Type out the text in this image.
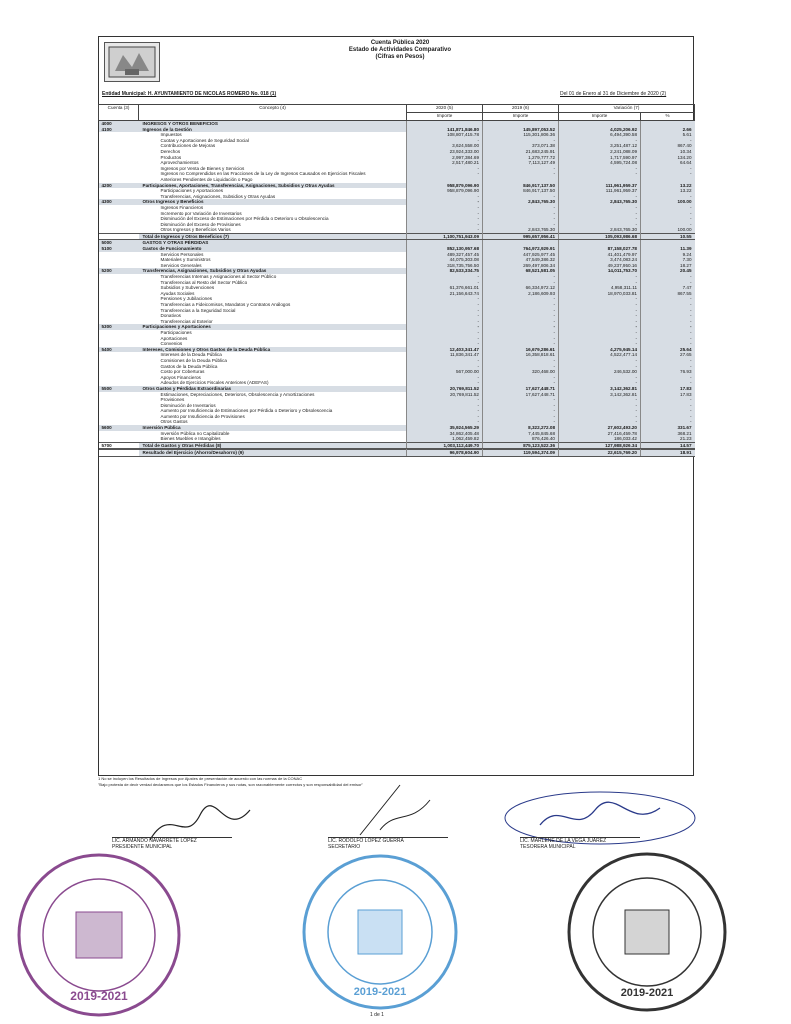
Cuenta Pública 2020
Estado de Actividades Comparativo
(Cifras en Pesos)
Entidad Municipal: H. AYUNTAMIENTO DE NICOLAS ROMERO No. 018 (1)	Del 01 de Enero al 31 de Diciembre de 2020 (2)
Cuenta (3)	Concepto (4)	2020 (5)	2019 (6)	Variación (7)	
		Importe	Importe	Importe	%
4000	INGRESOS Y OTROS BENEFICIOS				
4100	Ingresos de la Gestión	141,871,846.80	145,897,053.52	4,025,206.92	2.66
	Impuestos	108,807,415.78	115,301,806.36	6,494,390.58	5.61
	Cuotas y Aportaciones de Seguridad Social	-	-	-	-
	Contribuciones de Mejoras	3,624,558.00	373,071.38	3,251,487.12	867.40
	Derechos	23,924,333.00	21,683,245.91	2,241,088.09	10.34
	Productos	2,997,384.69	1,279,777.72	1,717,590.97	134.20
	Aprovechamientos	2,517,480.21	7,113,127.49	4,595,724.08	64.64
	Ingresos por Venta de Bienes y Servicios	-	-	-	-
	Ingresos no Comprendidos en las Fracciones de la Ley de Ingresos Causados en Ejercicios Fiscales	-	-	-	-
	Anteriores Pendientes de Liquidación o Pago				

4200	Participaciones, Aportaciones, Transferencias, Asignaciones, Subsidios y Otras Ayudas	958,879,096.90	846,917,137.50	111,961,959.37	13.22

	Participaciones y Aportaciones	958,879,096.90	846,917,137.50	111,961,959.37	13.22

	Transferencias, Asignaciones, Subsidios y Otras Ayudas	-	-	-	-

4300	Otros Ingresos y Beneficios	-	2,843,765.30	2,843,765.30	100.00

	Ingresos Financieros	-	-	-	-
	Incremento por Variación de Inventarios	-	-	-	-
	Disminución del Exceso de Estimaciones por Pérdida o Deterioro u Obsolescencia	-	-	-	-
	Disminución del Exceso de Provisiones	-	-	-	-
	Otros Ingresos y Beneficios Varios	-	2,843,765.30	2,843,765.30	100.00

	Total de Ingresos y Otros Beneficios (7)	1,100,751,943.09	995,657,956.41	105,093,986.68	10.55

5000	GASTOS Y OTRAS PÉRDIDAS				
5100	Gastos de Funcionamiento	852,130,957.68	764,972,929.91	87,158,027.78	11.39
	Servicios Personales	489,327,457.45	447,925,977.45	41,401,479.97	9.24
	Materiales y Suministros	44,075,303.08	47,549,386.32	3,474,083.24	7.30
	Servicios Generales	318,735,756.50	269,497,806.34	49,237,950.16	18.27
5200	Transferencias, Asignaciones, Subsidios y Otras Ayudas	82,533,334.75	68,521,581.05	14,011,753.70	20.45
	Transferencias Internas y Asignaciones al Sector Público	-	-	-	-
	Transferencias al Resto del Sector Público	-	-	-	-
	Subsidios y Subvenciones	61,376,661.01	66,334,972.12	4,958,311.11	7.47
	Ayudas Sociales	21,156,643.74	2,186,609.93	18,970,033.81	867.55
	Pensiones y Jubilaciones	-	-	-	-
	Transferencias a Fideicomisos, Mandatos y Contratos Análogos	-	-	-	-
	Transferencias a la Seguridad Social	-	-	-	-
	Donativos	-	-	-	-
	Transferencias al Exterior	-	-	-	-

5300	Participaciones y Aportaciones	-	-	-	-
	Participaciones	-	-	-	-
	Aportaciones	-	-	-	-
	Convenios	-	-	-	-

5400	Intereses, Comisiones y Otros Gastos de la Deuda Pública	12,403,341.47	16,679,286.61	4,275,945.14	25.64

	Intereses de la Deuda Pública	11,836,341.47	16,358,818.61	4,522,477.14	27.65
	Comisiones de la Deuda Pública	-	-	-	-
	Gastos de la Deuda Pública	-	-	-	-
	Costo por Coberturas	567,000.00	320,468.00	246,532.00	76.93
	Apoyos Financieros	-	-	-	-
	Adeudos de Ejercicios Fiscales Anteriores (ADEFAS)	-	-	-	-

5500	Otros Gastos y Pérdidas Extraordinarias	20,769,811.52	17,627,448.71	3,142,362.81	17.83
	Estimaciones, Depreciaciones, Deterioros, Obsolescencia y Amortizaciones	20,769,811.52	17,627,448.71	3,142,362.81	17.83
	Provisiones	-	-	-	-
	Disminución de Inventarios	-	-	-	-
	Aumento por Insuficiencia de Estimaciones por Pérdida o Deterioro y Obsolescencia	-	-	-	-
	Aumento por Insuficiencia de Provisiones	-	-	-	-
	Otros Gastos	-	-	-	-

5600	Inversión Pública	35,924,565.29	8,322,272.08	27,602,493.20	331.67

	Inversión Pública no Capitalizable	34,862,405.48	7,445,845.68	27,416,459.78	368.21
	Bienes Muebles e Intangibles	1,062,459.82	876,426.40	186,033.42	21.23

5700	Total de Gastos y Otras Pérdidas (8)	1,003,112,449.70	875,123,522.36	127,988,926.34	14.57

	Resultado del Ejercicio (Ahorro/Desahorro) (9)	96,978,604.90	119,594,374.09	22,615,769.20	18.91
1 No se incluyen los Resultados de Ingresos por Ajustes de presentación de acuerdo con las normas de la CONAC
"Bajo protesta de decir verdad declaramos que los Estados Financieros y sus notas, son razonablemente correctos y son responsabilidad del emisor"
LIC. ARMANDO NAVARRETE LÓPEZ
PRESIDENTE MUNICIPAL
LIC. RODOLFO LÓPEZ GUERRA
SECRETARIO
LIC. MARLENE DE LA VEGA JUÁREZ
TESORERA MUNICIPAL
2019-2021	2019-2021	2019-2021
1 de 1
